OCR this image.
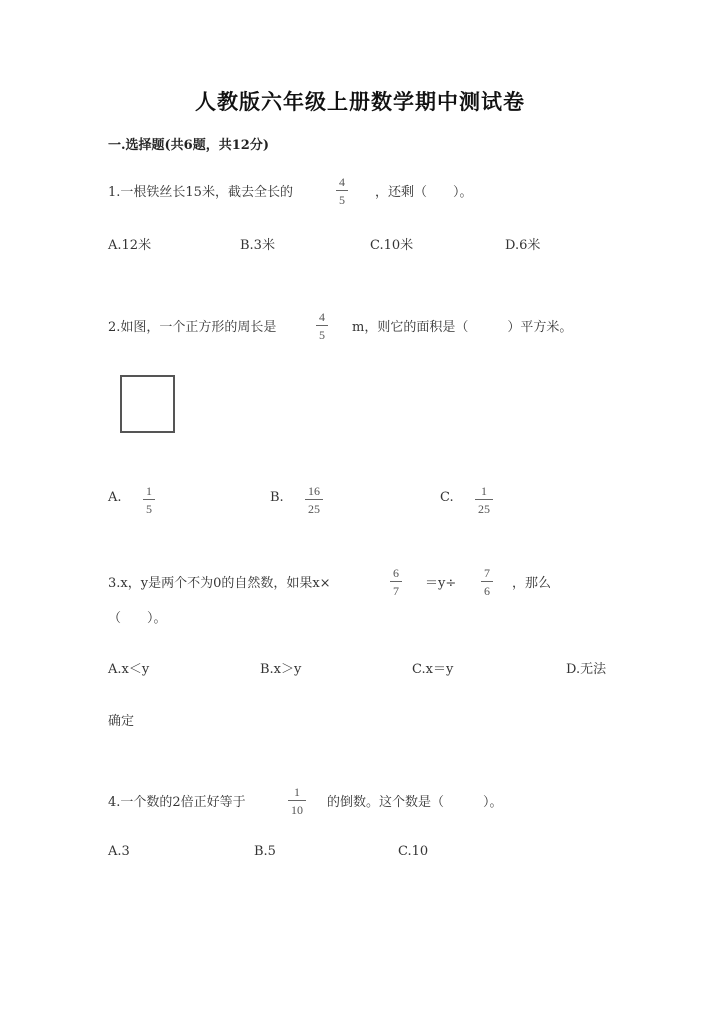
人教版六年级上册数学期中测试卷
一.选择题(共6题，共12分)
1.一根铁丝长15米，截去全长的
4
5 ，还剩（　　）。
A.12米	B.3米	C.10米	D.6米
2.如图，一个正方形的周长是
4
5 m，则它的面积是（　　　）平方米。
A. 1
5
B. 16
25
C. 1
25
3.x，y是两个不为0的自然数，如果x×
6
7 ＝y÷
7
6 ，那么
（　　）。
A.x＜y	B.x＞y	C.x＝y	D.无法
确定
4.一个数的2倍正好等于
1
10 的倒数。这个数是（　　　）。
A.3	B.5	C.10
